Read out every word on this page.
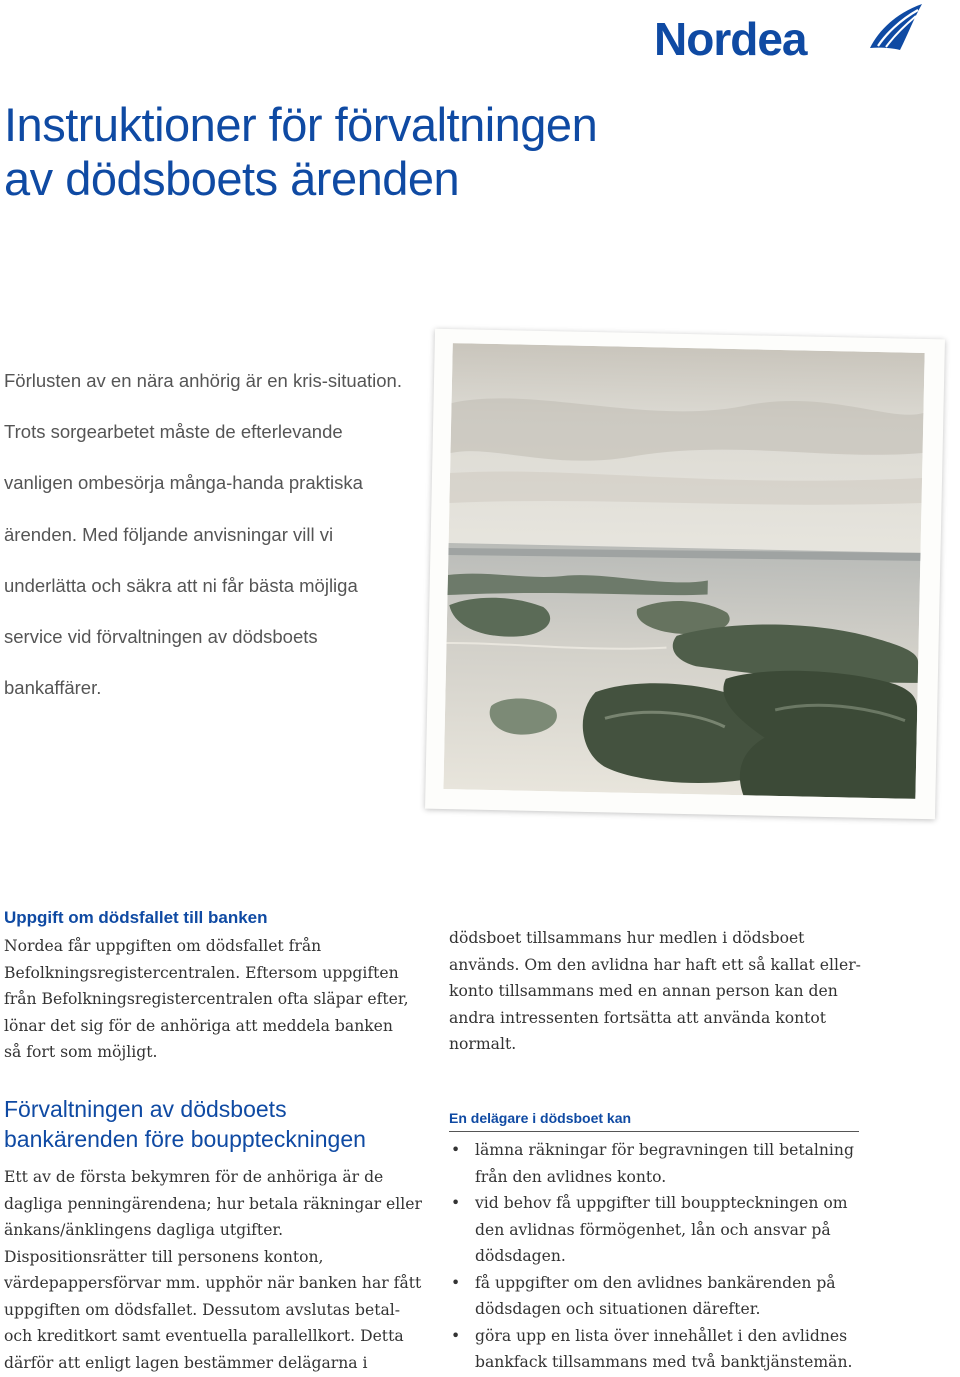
Nordea
Instruktioner för förvaltningen av dödsboets ärenden

Förlusten av en nära anhörig är en kris-situation. Trots sorgearbetet måste de efterlevande vanligen ombesörja många-handa praktiska ärenden. Med följande anvisningar vill vi underlätta och säkra att ni får bästa möjliga service vid förvaltningen av dödsboets bankaffärer.

Uppgift om dödsfallet till banken

Nordea får uppgiften om dödsfallet från Befolkningsregistercentralen. Eftersom uppgiften från Befolkningsregistercentralen ofta släpar efter, lönar det sig för de anhöriga att meddela banken så fort som möjligt.

Förvaltningen av dödsboets bankärenden före bouppteckningen

Ett av de första bekymren för de anhöriga är de dagliga penningärendena; hur betala räkningar eller änkans/änklingens dagliga utgifter. Dispositionsrätter till personens konton, värdepappersförvar mm. upphör när banken har fått uppgiften om dödsfallet. Dessutom avslutas betal- och kreditkort samt eventuella parallellkort. Detta därför att enligt lagen bestämmer delägarna i

dödsboet tillsammans hur medlen i dödsboet används. Om den avlidna har haft ett så kallat eller-konto tillsammans med en annan person kan den andra intressenten fortsätta att använda kontot normalt.

En delägare i dödsboet kan
• lämna räkningar för begravningen till betalning från den avlidnes konto.
• vid behov få uppgifter till bouppteckningen om den avlidnas förmögenhet, lån och ansvar på dödsdagen.
• få uppgifter om den avlidnes bankärenden på dödsdagen och situationen därefter.
• göra upp en lista över innehållet i den avlidnes bankfack tillsammans med två banktjänstemän.
